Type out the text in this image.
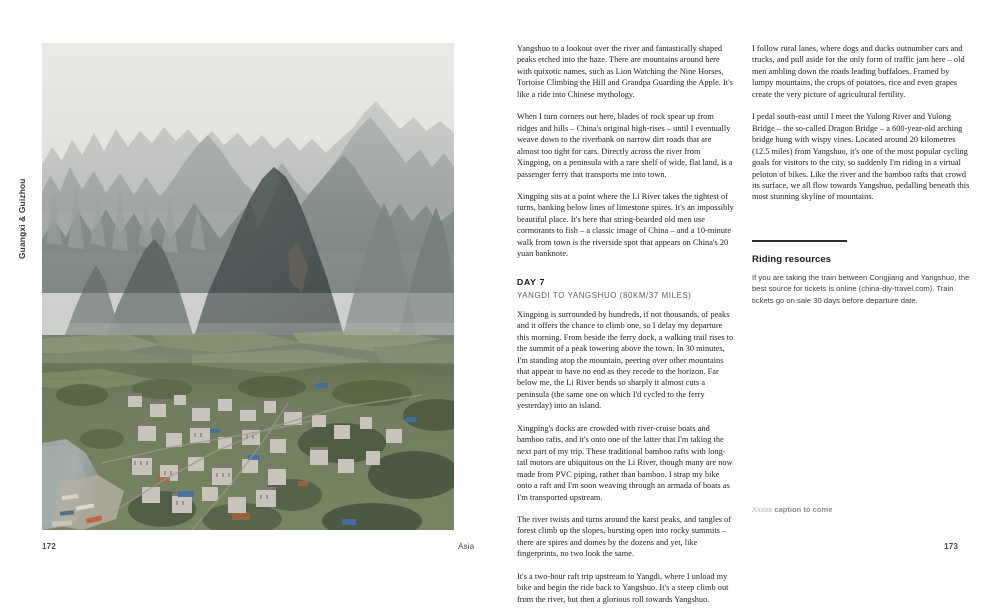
Guangxi & Guizhou
172	Asia

Yangshuo to a lookout over the river and fantastically shaped peaks etched into the haze. There are mountains around here with quixotic names, such as Lion Watching the Nine Horses, Tortoise Climbing the Hill and Grandpa Guarding the Apple. It's like a ride into Chinese mythology.

When I turn corners out here, blades of rock spear up from ridges and hills – China's original high-rises – until I eventually weave down to the riverbank on narrow dirt roads that are almost too tight for cars. Directly across the river from Xingping, on a peninsula with a rare shelf of wide, flat land, is a passenger ferry that transports me into town.

Xingping sits at a point where the Li River takes the tightest of turns, banking below lines of limestone spires. It's an impossibly beautiful place. It's here that string-bearded old men use cormorants to fish – a classic image of China – and a 10-minute walk from town is the riverside spot that appears on China's 20 yuan banknote.

DAY 7
YANGDI TO YANGSHUO (80KM/37 MILES)

Xingping is surrounded by hundreds, if not thousands, of peaks and it offers the chance to climb one, so I delay my departure this morning. From beside the ferry dock, a walking trail rises to the summit of a peak towering above the town. In 30 minutes, I'm standing atop the mountain, peering over other mountains that appear to have no end as they recede to the horizon. Far below me, the Li River bends so sharply it almost cuts a peninsula (the same one on which I'd cycled to the ferry yesterday) into an island.

Xingping's docks are crowded with river-cruise boats and bamboo rafts, and it's onto one of the latter that I'm taking the next part of my trip. These traditional bamboo rafts with long-tail motors are ubiquitous on the Li River, though many are now made from PVC piping, rather than bamboo. I strap my bike onto a raft and I'm soon weaving through an armada of boats as I'm transported upstream.

The river twists and turns around the karst peaks, and tangles of forest climb up the slopes, bursting open into rocky summits – there are spires and domes by the dozens and yet, like fingerprints, no two look the same.

It's a two-hour raft trip upstream to Yangdi, where I unload my bike and begin the ride back to Yangshuo. It's a steep climb out from the river, but then a glorious roll towards Yangshuo.

I follow rural lanes, where dogs and ducks outnumber cars and trucks, and pull aside for the only form of traffic jam here – old men ambling down the roads leading buffaloes. Framed by lumpy mountains, the crops of potatoes, rice and even grapes create the very picture of agricultural fertility.

I pedal south-east until I meet the Yulong River and Yulong Bridge – the so-called Dragon Bridge – a 600-year-old arching bridge hung with wispy vines. Located around 20 kilometres (12.5 miles) from Yangshuo, it's one of the most popular cycling goals for visitors to the city, so suddenly I'm riding in a virtual peloton of bikes. Like the river and the bamboo rafts that crowd its surface, we all flow towards Yangshuo, pedalling beneath this most stunning skyline of mountains.

Riding resources

If you are taking the train between Congjiang and Yangshuo, the best source for tickets is online (china-diy-travel.com). Train tickets go on sale 30 days before departure date.

Xxxxx caption to come
173
